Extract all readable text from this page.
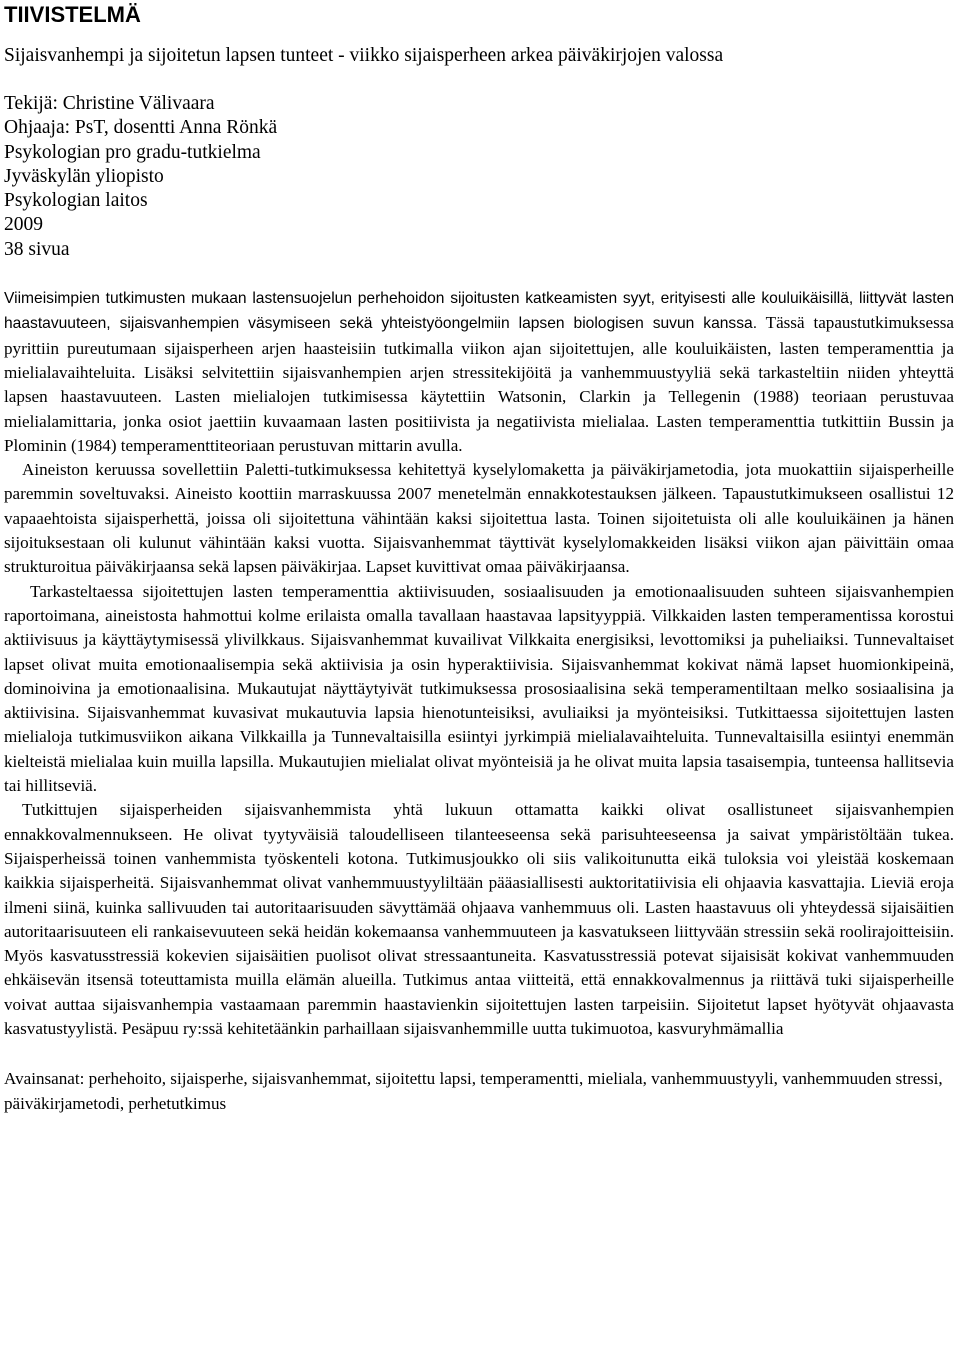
TIIVISTELMÄ
Sijaisvanhempi ja sijoitetun lapsen tunteet - viikko sijaisperheen arkea päiväkirjojen valossa
Tekijä: Christine Välivaara
Ohjaaja: PsT, dosentti Anna Rönkä
Psykologian pro gradu-tutkielma
Jyväskylän yliopisto
Psykologian laitos
2009
38 sivua

Viimeisimpien tutkimusten mukaan lastensuojelun perhehoidon sijoitusten katkeamisten syyt, erityisesti alle kouluikäisillä, liittyvät lasten haastavuuteen, sijaisvanhempien väsymiseen sekä yhteistyöongelmiin lapsen biologisen suvun kanssa. Tässä tapaustutkimuksessa pyrittiin pureutumaan sijaisperheen arjen haasteisiin tutkimalla viikon ajan sijoitettujen, alle kouluikäisten, lasten temperamenttia ja mielialavaihteluita. Lisäksi selvitettiin sijaisvanhempien arjen stressitekijöitä ja vanhemmuustyyliä sekä tarkasteltiin niiden yhteyttä lapsen haastavuuteen. Lasten mielialojen tutkimisessa käytettiin Watsonin, Clarkin ja Tellegenin (1988) teoriaan perustuvaa mielialamittaria, jonka osiot jaettiin kuvaamaan lasten positiivista ja negatiivista mielialaa. Lasten temperamenttia tutkittiin Bussin ja Plominin (1984) temperamenttiteoriaan perustuvan mittarin avulla.

Aineiston keruussa sovellettiin Paletti-tutkimuksessa kehitettyä kyselylomaketta ja päiväkirjametodia, jota muokattiin sijaisperheille paremmin soveltuvaksi. Aineisto koottiin marraskuussa 2007 menetelmän ennakkotestauksen jälkeen. Tapaustutkimukseen osallistui 12 vapaaehtoista sijaisperhettä, joissa oli sijoitettuna vähintään kaksi sijoitettua lasta. Toinen sijoitetuista oli alle kouluikäinen ja hänen sijoituksestaan oli kulunut vähintään kaksi vuotta. Sijaisvanhemmat täyttivät kyselylomakkeiden lisäksi viikon ajan päivittäin omaa strukturoitua päiväkirjaansa sekä lapsen päiväkirjaa. Lapset kuvittivat omaa päiväkirjaansa.

Tarkasteltaessa sijoitettujen lasten temperamenttia aktiivisuuden, sosiaalisuuden ja emotionaalisuuden suhteen sijaisvanhempien raportoimana, aineistosta hahmottui kolme erilaista omalla tavallaan haastavaa lapsityyppiä. Vilkkaiden lasten temperamentissa korostui aktiivisuus ja käyttäytymisessä ylivilkkaus. Sijaisvanhemmat kuvailivat Vilkkaita energisiksi, levottomiksi ja puheliaiksi. Tunnevaltaiset lapset olivat muita emotionaalisempia sekä aktiivisia ja osin hyperaktiivisia. Sijaisvanhemmat kokivat nämä lapset huomionkipeinä, dominoivina ja emotionaalisina. Mukautujat näyttäytyivät tutkimuksessa prososiaalisina sekä temperamentiltaan melko sosiaalisina ja aktiivisina. Sijaisvanhemmat kuvasivat mukautuvia lapsia hienotunteisiksi, avuliaiksi ja myönteisiksi. Tutkittaessa sijoitettujen lasten mielialoja tutkimusviikon aikana Vilkkailla ja Tunnevaltaisilla esiintyi jyrkimpiä mielialavaihteluita. Tunnevaltaisilla esiintyi enemmän kielteistä mielialaa kuin muilla lapsilla. Mukautujien mielialat olivat myönteisiä ja he olivat muita lapsia tasaisempia, tunteensa hallitsevia tai hillitseviä.

Tutkittujen sijaisperheiden sijaisvanhemmista yhtä lukuun ottamatta kaikki olivat osallistuneet sijaisvanhempien ennakkovalmennukseen. He olivat tyytyväisiä taloudelliseen tilanteeseensa sekä parisuhteeseensa ja saivat ympäristöltään tukea. Sijaisperheissä toinen vanhemmista työskenteli kotona. Tutkimusjoukko oli siis valikoitunutta eikä tuloksia voi yleistää koskemaan kaikkia sijaisperheitä. Sijaisvanhemmat olivat vanhemmuustyyliltään pääasiallisesti auktoritatiivisia eli ohjaavia kasvattajia. Lieviä eroja ilmeni siinä, kuinka sallivuuden tai autoritaarisuuden sävyttämää ohjaava vanhemmuus oli. Lasten haastavuus oli yhteydessä sijaisäitien autoritaarisuuteen eli rankaisevuuteen sekä heidän kokemaansa vanhemmuuteen ja kasvatukseen liittyvään stressiin sekä roolirajoitteisiin. Myös kasvatusstressiä kokevien sijaisäitien puolisot olivat stressaantuneita. Kasvatusstressiä potevat sijaisisät kokivat vanhemmuuden ehkäisevän itsensä toteuttamista muilla elämän alueilla. Tutkimus antaa viitteitä, että ennakkovalmennus ja riittävä tuki sijaisperheille voivat auttaa sijaisvanhempia vastaamaan paremmin haastavienkin sijoitettujen lasten tarpeisiin. Sijoitetut lapset hyötyvät ohjaavasta kasvatustyylistä. Pesäpuu ry:ssä kehitetäänkin parhaillaan sijaisvanhemmille uutta tukimuotoa, kasvuryhmämallia

Avainsanat: perhehoito, sijaisperhe, sijaisvanhemmat, sijoitettu lapsi, temperamentti, mieliala, vanhemmuustyyli, vanhemmuuden stressi, päiväkirjametodi, perhetutkimus
